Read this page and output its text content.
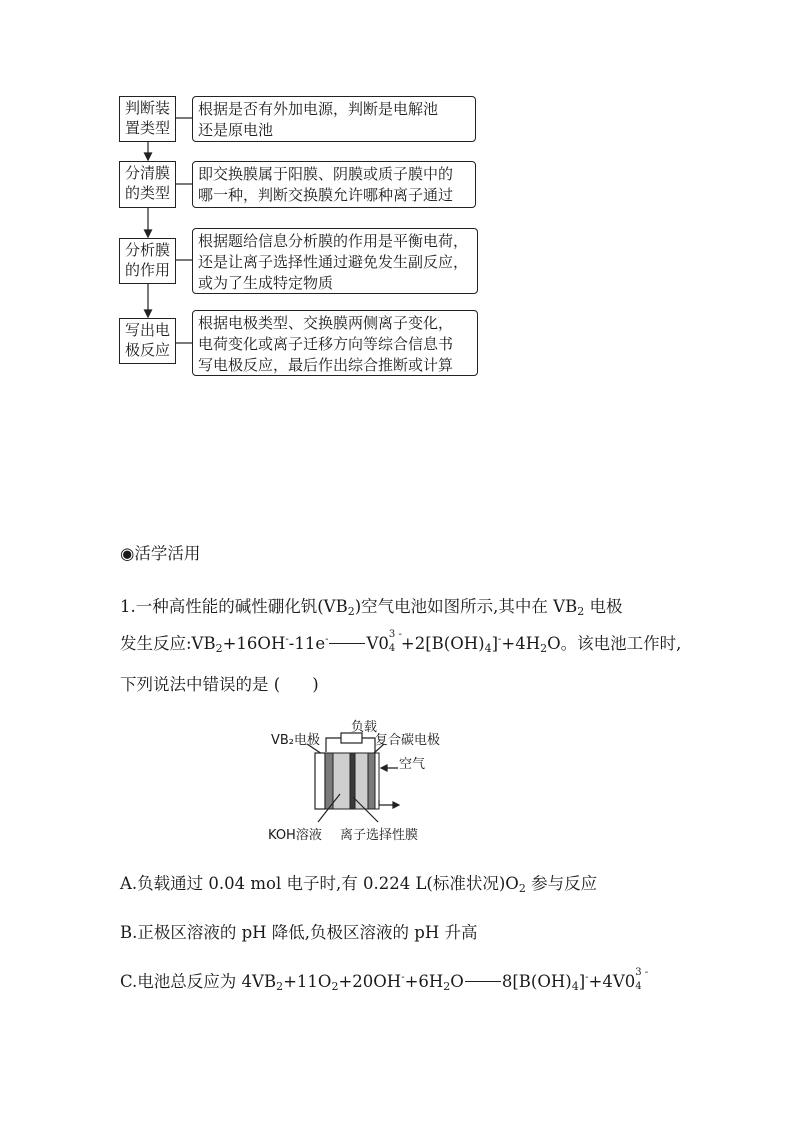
判断装
置类型
根据是否有外加电源，判断是电解池
还是原电池
分清膜
的类型
即交换膜属于阳膜、阴膜或质子膜中的
哪一种，判断交换膜允许哪种离子通过
分析膜
的作用
根据题给信息分析膜的作用是平衡电荷，
还是让离子选择性通过避免发生副反应，
或为了生成特定物质
写出电
极反应
根据电极类型、交换膜两侧离子变化，
电荷变化或离子迁移方向等综合信息书
写电极反应，最后作出综合推断或计算
◉活学活用
1.一种高性能的碱性硼化钒$(VB_2)$空气电池如图所示,其中在 $VB_2$ 电极
发生反应$:VB_2+16OH^--11e^-$ V0 3 -
$4 +2[B(OH)_4]^-+4H_2O$。该电池工作时,
下列说法中错误的是 ( )
负载
VB₂电极	复合碳电极
空气
KOH溶液 离子选择性膜
A.负载通过 0.04 mol 电子时,有 0.224 L(标准状况)$O_2$ 参与反应
B.正极区溶液的 pH 降低,负极区溶液的 pH 升高
C.电池总反应为 $4VB_2+11O_2+20OH^-+6H_2O$ $8[B(OH)_4]^-+4V0$ 3 -
4
